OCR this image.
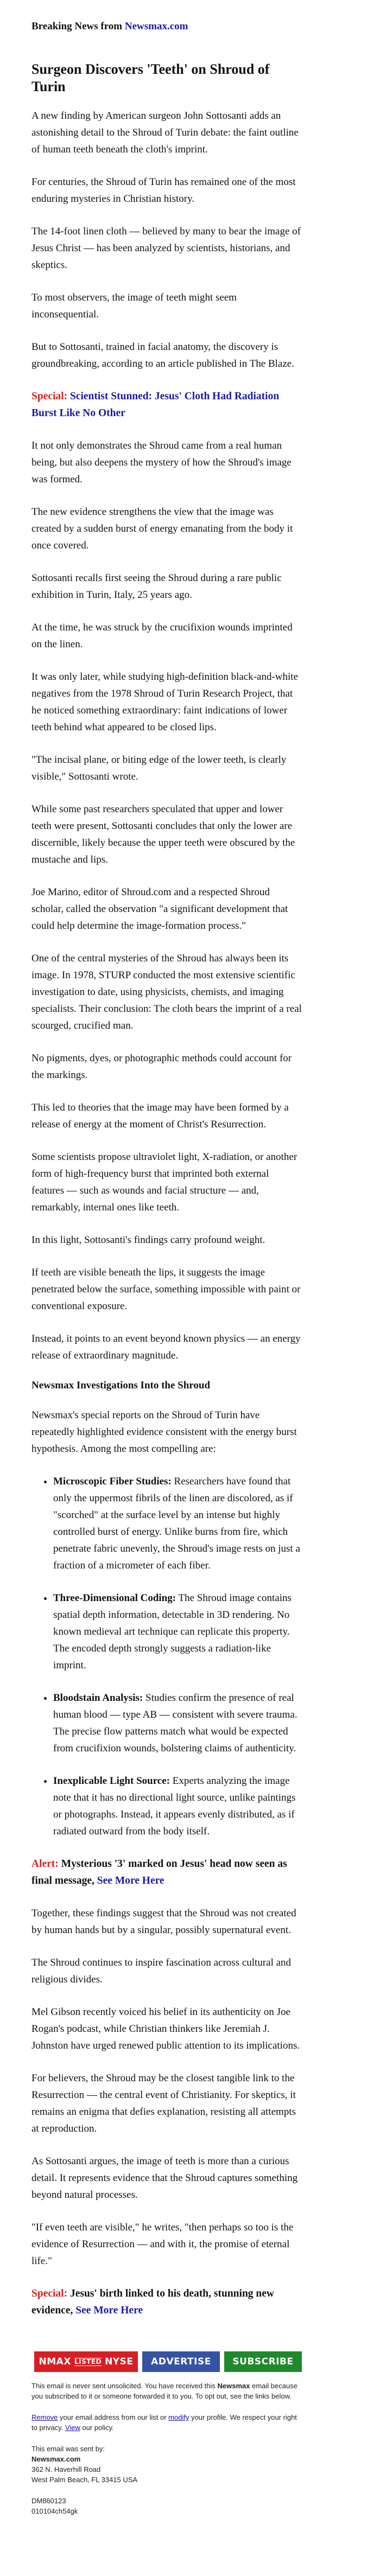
Breaking News from Newsmax.com
Surgeon Discovers 'Teeth' on Shroud of Turin

A new finding by American surgeon John Sottosanti adds an astonishing detail to the Shroud of Turin debate: the faint outline of human teeth beneath the cloth's imprint.

For centuries, the Shroud of Turin has remained one of the most enduring mysteries in Christian history.

The 14-foot linen cloth — believed by many to bear the image of Jesus Christ — has been analyzed by scientists, historians, and skeptics.

To most observers, the image of teeth might seem inconsequential.

But to Sottosanti, trained in facial anatomy, the discovery is groundbreaking, according to an article published in The Blaze.

Special: Scientist Stunned: Jesus' Cloth Had Radiation Burst Like No Other

It not only demonstrates the Shroud came from a real human being, but also deepens the mystery of how the Shroud's image was formed.

The new evidence strengthens the view that the image was created by a sudden burst of energy emanating from the body it once covered.

Sottosanti recalls first seeing the Shroud during a rare public exhibition in Turin, Italy, 25 years ago.

At the time, he was struck by the crucifixion wounds imprinted on the linen.

It was only later, while studying high-definition black-and-white negatives from the 1978 Shroud of Turin Research Project, that he noticed something extraordinary: faint indications of lower teeth behind what appeared to be closed lips.

"The incisal plane, or biting edge of the lower teeth, is clearly visible," Sottosanti wrote.

While some past researchers speculated that upper and lower teeth were present, Sottosanti concludes that only the lower are discernible, likely because the upper teeth were obscured by the mustache and lips.

Joe Marino, editor of Shroud.com and a respected Shroud scholar, called the observation "a significant development that could help determine the image-formation process."

One of the central mysteries of the Shroud has always been its image. In 1978, STURP conducted the most extensive scientific investigation to date, using physicists, chemists, and imaging specialists. Their conclusion: The cloth bears the imprint of a real scourged, crucified man.

No pigments, dyes, or photographic methods could account for the markings.

This led to theories that the image may have been formed by a release of energy at the moment of Christ's Resurrection.

Some scientists propose ultraviolet light, X-radiation, or another form of high-frequency burst that imprinted both external features — such as wounds and facial structure — and, remarkably, internal ones like teeth.

In this light, Sottosanti's findings carry profound weight.

If teeth are visible beneath the lips, it suggests the image penetrated below the surface, something impossible with paint or conventional exposure.

Instead, it points to an event beyond known physics — an energy release of extraordinary magnitude.

Newsmax Investigations Into the Shroud

Newsmax's special reports on the Shroud of Turin have repeatedly highlighted evidence consistent with the energy burst hypothesis. Among the most compelling are:

• Microscopic Fiber Studies: Researchers have found that only the uppermost fibrils of the linen are discolored, as if "scorched" at the surface level by an intense but highly controlled burst of energy. Unlike burns from fire, which penetrate fabric unevenly, the Shroud's image rests on just a fraction of a micrometer of each fiber.
• Three-Dimensional Coding: The Shroud image contains spatial depth information, detectable in 3D rendering. No known medieval art technique can replicate this property. The encoded depth strongly suggests a radiation-like imprint.
• Bloodstain Analysis: Studies confirm the presence of real human blood — type AB — consistent with severe trauma. The precise flow patterns match what would be expected from crucifixion wounds, bolstering claims of authenticity.
• Inexplicable Light Source: Experts analyzing the image note that it has no directional light source, unlike paintings or photographs. Instead, it appears evenly distributed, as if radiated outward from the body itself.

Alert: Mysterious '3' marked on Jesus' head now seen as final message, See More Here

Together, these findings suggest that the Shroud was not created by human hands but by a singular, possibly supernatural event.

The Shroud continues to inspire fascination across cultural and religious divides.

Mel Gibson recently voiced his belief in its authenticity on Joe Rogan's podcast, while Christian thinkers like Jeremiah J. Johnston have urged renewed public attention to its implications.

For believers, the Shroud may be the closest tangible link to the Resurrection — the central event of Christianity. For skeptics, it remains an enigma that defies explanation, resisting all attempts at reproduction.

As Sottosanti argues, the image of teeth is more than a curious detail. It represents evidence that the Shroud captures something beyond natural processes.

"If even teeth are visible," he writes, "then perhaps so too is the evidence of Resurrection — and with it, the promise of eternal life."

Special: Jesus' birth linked to his death, stunning new evidence, See More Here

NMAX LISTED NYSE	ADVERTISE	SUBSCRIBE

This email is never sent unsolicited. You have received this Newsmax email because you subscribed to it or someone forwarded it to you. To opt out, see the links below.

Remove your email address from our list or modify your profile. We respect your right to privacy. View our policy.

This email was sent by:
Newsmax.com
362 N. Haverhill Road
West Palm Beach, FL 33415 USA

DM860123
010104ch54gk
